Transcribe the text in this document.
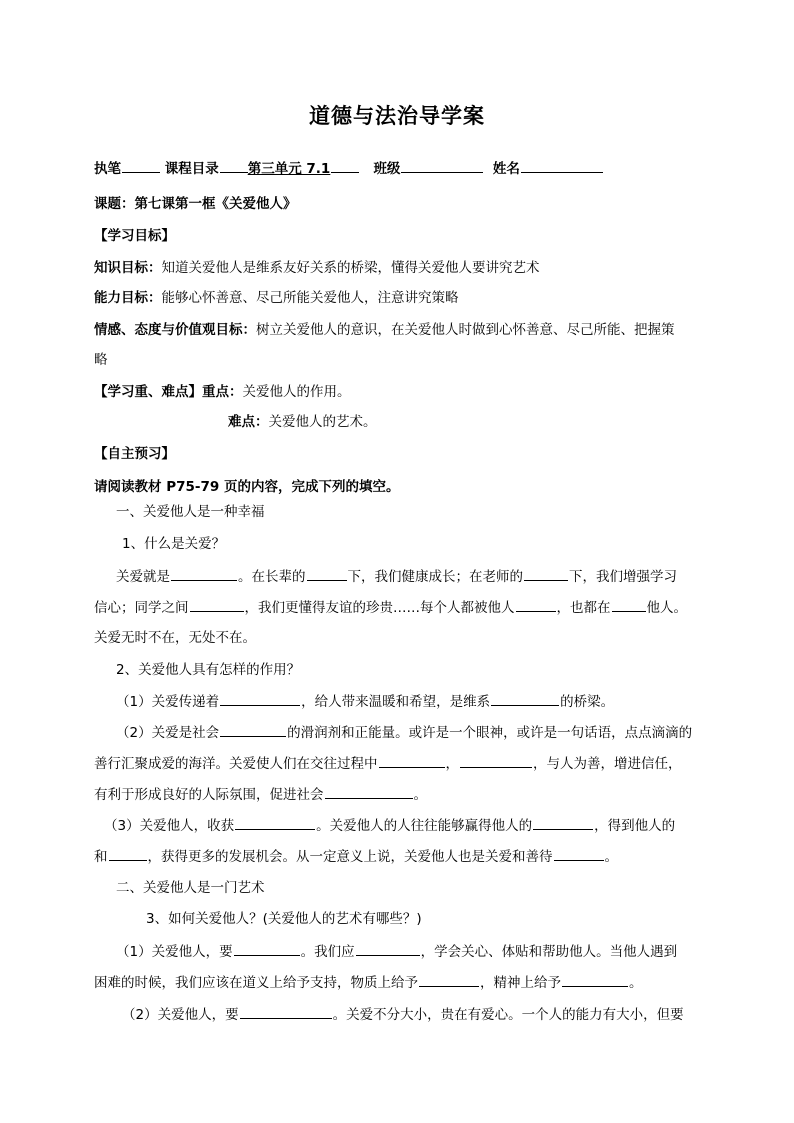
道德与法治导学案
执笔	课程目录 第三单元 7.1	班级	姓名
课题：第七课第一框《关爱他人》
【学习目标】
知识目标：知道关爱他人是维系友好关系的桥梁，懂得关爱他人要讲究艺术
能力目标：能够心怀善意、尽己所能关爱他人，注意讲究策略
情感、态度与价值观目标：树立关爱他人的意识，在关爱他人时做到心怀善意、尽己所能、把握策
略
【学习重、难点】重点：关爱他人的作用。
难点：关爱他人的艺术。
【自主预习】
请阅读教材 P75-79 页的内容，完成下列的填空。
一、关爱他人是一种幸福
1、什么是关爱？
关爱就是	。在长辈的	下，我们健康成长；在老师的	下，我们增强学习
信心；同学之间	，我们更懂得友谊的珍贵……每个人都被他人	，也都在	他人。
关爱无时不在，无处不在。
2、关爱他人具有怎样的作用？
（1）关爱传递着	，给人带来温暖和希望，是维系	的桥梁。
（2）关爱是社会	的滑润剂和正能量。或许是一个眼神，或许是一句话语，点点滴滴的
善行汇聚成爱的海洋。关爱使人们在交往过程中	，	，与人为善，增进信任，
有利于形成良好的人际氛围，促进社会	。
（3）关爱他人，收获	。关爱他人的人往往能够赢得他人的	，得到他人的
和	，获得更多的发展机会。从一定意义上说，关爱他人也是关爱和善待	。
二、关爱他人是一门艺术
3、如何关爱他人？(关爱他人的艺术有哪些？)
（1）关爱他人，要	。我们应	，学会关心、体贴和帮助他人。当他人遇到
困难的时候，我们应该在道义上给予支持，物质上给予	，精神上给予	。
（2）关爱他人，要	。关爱不分大小，贵在有爱心。一个人的能力有大小，但要
